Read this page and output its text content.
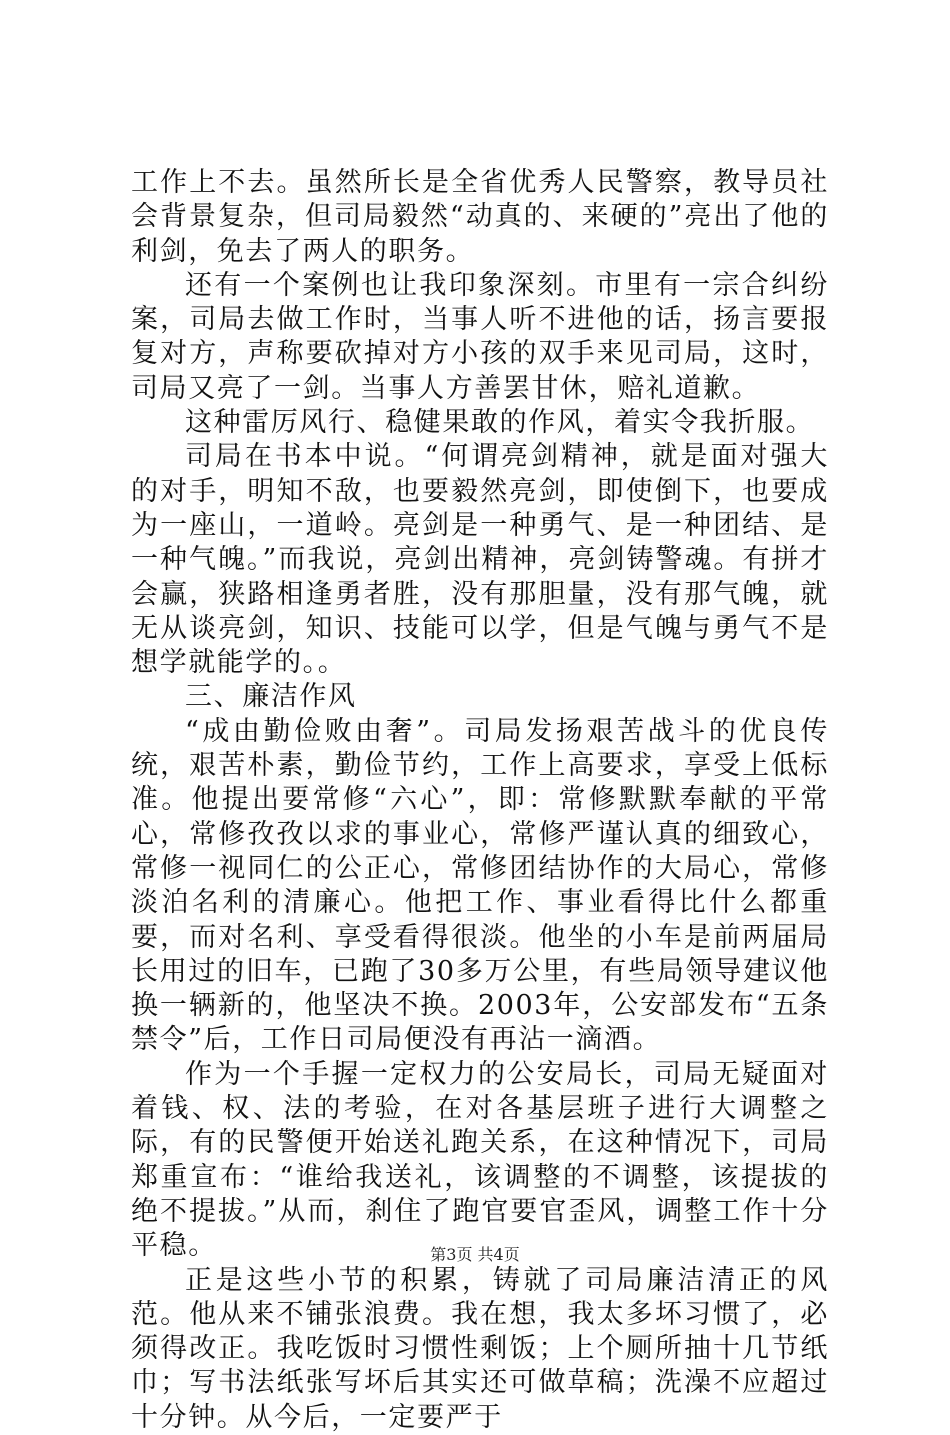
工作上不去。虽然所长是全省优秀人民警察，教导员社会背景复杂，但司局毅然“动真的、来硬的”亮出了他的利剑，免去了两人的职务。

还有一个案例也让我印象深刻。市里有一宗合纠纷案，司局去做工作时，当事人听不进他的话，扬言要报复对方，声称要砍掉对方小孩的双手来见司局，这时，司局又亮了一剑。当事人方善罢甘休，赔礼道歉。

这种雷厉风行、稳健果敢的作风，着实令我折服。

司局在书本中说。“何谓亮剑精神，就是面对强大的对手，明知不敌，也要毅然亮剑，即使倒下，也要成为一座山，一道岭。亮剑是一种勇气、是一种团结、是一种气魄。”而我说，亮剑出精神，亮剑铸警魂。有拼才会赢，狭路相逢勇者胜，没有那胆量，没有那气魄，就无从谈亮剑，知识、技能可以学，但是气魄与勇气不是想学就能学的。。

三、廉洁作风

“成由勤俭败由奢”。司局发扬艰苦战斗的优良传统，艰苦朴素，勤俭节约，工作上高要求，享受上低标准。他提出要常修“六心”，即：常修默默奉献的平常心，常修孜孜以求的事业心，常修严谨认真的细致心，常修一视同仁的公正心，常修团结协作的大局心，常修淡泊名利的清廉心。他把工作、事业看得比什么都重要，而对名利、享受看得很淡。他坐的小车是前两届局长用过的旧车，已跑了30多万公里，有些局领导建议他换一辆新的，他坚决不换。2003年，公安部发布“五条禁令”后，工作日司局便没有再沾一滴酒。

作为一个手握一定权力的公安局长，司局无疑面对着钱、权、法的考验，在对各基层班子进行大调整之际，有的民警便开始送礼跑关系，在这种情况下，司局郑重宣布：“谁给我送礼，该调整的不调整，该提拔的绝不提拔。”从而，刹住了跑官要官歪风，调整工作十分平稳。

正是这些小节的积累，铸就了司局廉洁清正的风范。他从来不铺张浪费。我在想，我太多坏习惯了，必须得改正。我吃饭时习惯性剩饭；上个厕所抽十几节纸巾；写书法纸张写坏后其实还可做草稿；洗澡不应超过十分钟。从今后，一定要严于

第3页 共4页
